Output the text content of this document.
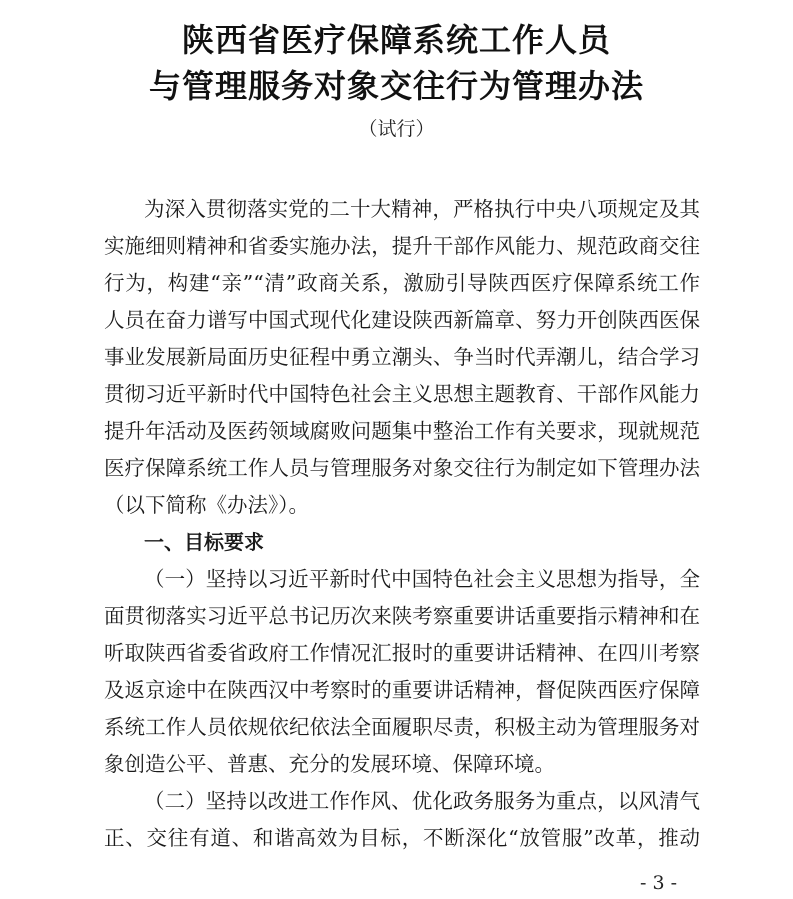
陕西省医疗保障系统工作人员
与管理服务对象交往行为管理办法
（试行）
为深入贯彻落实党的二十大精神，严格执行中央八项规定及其
实施细则精神和省委实施办法，提升干部作风能力、规范政商交往
行为，构建“亲”“清”政商关系，激励引导陕西医疗保障系统工作
人员在奋力谱写中国式现代化建设陕西新篇章、努力开创陕西医保
事业发展新局面历史征程中勇立潮头、争当时代弄潮儿，结合学习
贯彻习近平新时代中国特色社会主义思想主题教育、干部作风能力
提升年活动及医药领域腐败问题集中整治工作有关要求，现就规范
医疗保障系统工作人员与管理服务对象交往行为制定如下管理办法
（以下简称《办法》）。
一、目标要求
（一）坚持以习近平新时代中国特色社会主义思想为指导，全
面贯彻落实习近平总书记历次来陕考察重要讲话重要指示精神和在
听取陕西省委省政府工作情况汇报时的重要讲话精神、在四川考察
及返京途中在陕西汉中考察时的重要讲话精神，督促陕西医疗保障
系统工作人员依规依纪依法全面履职尽责，积极主动为管理服务对
象创造公平、普惠、充分的发展环境、保障环境。
（二）坚持以改进工作作风、优化政务服务为重点，以风清气
正、交往有道、和谐高效为目标，不断深化“放管服”改革，推动
- 3 -
